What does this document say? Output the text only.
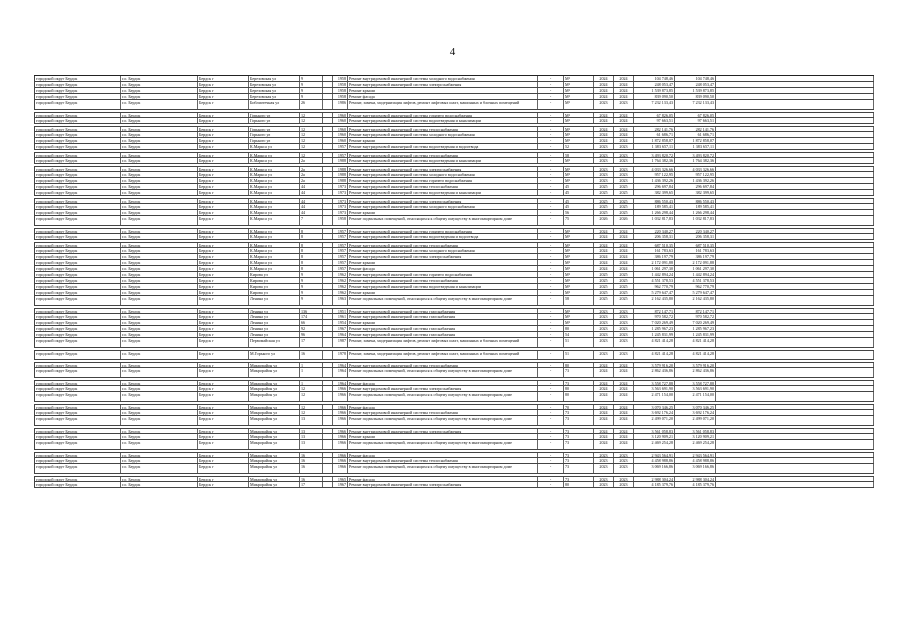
4
городской округ Бердск	г.о. Бердск	Бердск г	Березовская ул	9	1958 Ремонт внутридомовой инженерной системы холодного водоснабжения	-	М²	2024	2024	104 748,46	104 748,46
городской округ Бердск	г.о. Бердск	Бердск г	Березовская ул	9	1958 Ремонт внутридомовой инженерной системы электроснабжения	-	М²	2024	2024	248 053,47	248 053,47
городской округ Бердск	г.о. Бердск	Бердск г	Березовская ул	9	1958 Ремонт крыши	-	М²	2024	2024	1 539 873,85	1 539 873,85
городской округ Бердск	г.о. Бердск	Бердск г	Березовская ул	9	1958 Ремонт фасада	-	М²	2024	2024	839 090,50	839 090,50
городской округ Бердск	г.о. Бердск	Бердск г	Библиотечная ул	26	1986 Ремонт, замена, модернизация лифтов, ремонт лифтовых шахт, машинных и блочных помещений	-	М³	2023	2023	7 232 133,43	7 232 133,43
городской округ Бердск	г.о. Бердск	Бердск г	Горького ул	12	1960 Ремонт внутридомовой инженерной системы горячего водоснабжения	-	М²	2024	2024	67 826,05	67 826,05
городской округ Бердск	г.о. Бердск	Бердск г	Горького ул	12	1960 Ремонт внутридомовой инженерной системы водоотведения и канализации	-	М²	2024	2024	97 663,51	97 663,51
городской округ Бердск	г.о. Бердск	Бердск г	Горького ул	12	1960 Ремонт внутридомовой инженерной системы теплоснабжения	-	М²	2024	2024	282 141,76	282 141,76
городской округ Бердск	г.о. Бердск	Бердск г	Горького ул	12	1960 Ремонт внутридомовой инженерной системы холодного водоснабжения	-	М²	2024	2024	61 686,71	61 686,71
городской округ Бердск	г.о. Бердск	Бердск г	Горького ул	12	1960 Ремонт крыши	-	М²	2024	2024	1 872 858,07	1 872 858,07
городской округ Бердск	г.о. Бердск	Бердск г	К.Маркса ул	12	1957 Ремонт внутридомовой инженерной системы водоотведения и водоотвода	-	52	2023	2023	1 383 657,11	1 383 657,11
городской округ Бердск	г.о. Бердск	Бердск г	К.Маркса ул	12	1957 Ремонт внутридомовой инженерной системы теплоснабжения	-	58	2023	2023	3 493 820,72	3 493 820,72
городской округ Бердск	г.о. Бердск	Бердск г	К.Маркса ул	2а	1988 Ремонт внутридомовой инженерной системы водоотведения и канализации	-	М²	2023	2023	1 764 382,36	1 764 382,36
городской округ Бердск	г.о. Бердск	Бердск г	К.Маркса ул	2а	1988 Ремонт внутридомовой инженерной системы электроснабжения	-	М²	2023	2023	4 033 326,66	4 033 326,66
городской округ Бердск	г.о. Бердск	Бердск г	К.Маркса ул	2а	1988 Ремонт внутридомовой инженерной системы холодного водоснабжения	-	М²	2023	2023	957 122,95	957 122,95
городской округ Бердск	г.о. Бердск	Бердск г	К.Маркса ул	2а	1988 Ремонт внутридомовой инженерной системы горячего водоснабжения	-	М²	2023	2023	1 436 392,26	1 436 392,26
городской округ Бердск	г.о. Бердск	Бердск г	К.Маркса ул	44	1973 Ремонт внутридомовой инженерной системы теплоснабжения	-	45	2025	2025	296 697,84	296 697,84
городской округ Бердск	г.о. Бердск	Бердск г	К.Маркса ул	44	1973 Ремонт внутридомовой инженерной системы водоотведения и канализации	-	45	2025	2025	382 399,65	382 399,65
городской округ Бердск	г.о. Бердск	Бердск г	К.Маркса ул	44	1973 Ремонт внутридомовой инженерной системы электроснабжения	-	45	2025	2025	886 550,43	886 550,43
городской округ Бердск	г.о. Бердск	Бердск г	К.Маркса ул	44	1973 Ремонт внутридомовой инженерной системы холодного водоснабжения	-	45	2025	2025	189 585,41	189 585,41
городской округ Бердск	г.о. Бердск	Бердск г	К.Маркса ул	44	1973 Ремонт крыши	-	56	2025	2025	1 266 298,44	1 266 298,44
городской округ Бердск	г.о. Бердск	Бердск г	К.Маркса ул	7	1958 Ремонт подвальных помещений, относящихся к общему имуществу в многоквартирном доме	-	75	2026	2026	1 032 817,83	1 032 817,83
городской округ Бердск	г.о. Бердск	Бердск г	К.Маркса ул	8	1957 Ремонт внутридомовой инженерной системы горячего водоснабжения	-	М²	2024	2024	220 340,27	220 340,27
городской округ Бердск	г.о. Бердск	Бердск г	К.Маркса ул	8	1957 Ремонт внутридомовой инженерной системы водоотведения и водоотвода	-	М²	2024	2024	206 358,31	206 358,31
городской округ Бердск	г.о. Бердск	Бердск г	К.Маркса ул	8	1957 Ремонт внутридомовой инженерной системы теплоснабжения	-	М²	2024	2024	687 510,35	687 510,35
городской округ Бердск	г.о. Бердск	Бердск г	К.Маркса ул	8	1957 Ремонт внутридомовой инженерной системы холодного водоснабжения	-	М²	2024	2024	161 783,63	161 783,63
городской округ Бердск	г.о. Бердск	Бердск г	К.Маркса ул	8	1957 Ремонт внутридомовой инженерной системы электроснабжения	-	М²	2024	2024	386 197,79	386 197,79
городской округ Бердск	г.о. Бердск	Бердск г	К.Маркса ул	8	1957 Ремонт крыши	-	М²	2024	2024	2 172 091,88	2 172 091,88
городской округ Бердск	г.о. Бердск	Бердск г	К.Маркса ул	8	1957 Ремонт фасада	-	М²	2024	2024	1 061 297,30	1 061 297,30
городской округ Бердск	г.о. Бердск	Бердск г	Кирова ул	9	1962 Ремонт внутридомовой инженерной системы горячего водоснабжения	-	М²	2025	2025	1 442 894,24	1 442 894,24
городской округ Бердск	г.о. Бердск	Бердск г	Кирова ул	9	1962 Ремонт внутридомовой инженерной системы теплоснабжения	-	М²	2025	2025	4 551 378,53	4 551 378,53
городской округ Бердск	г.о. Бердск	Бердск г	Кирова ул	9	1962 Ремонт внутридомовой инженерной системы водоотведения и канализации	-	М²	2025	2025	962 770,79	962 770,79
городской округ Бердск	г.о. Бердск	Бердск г	Кирова ул	9	1962 Ремонт крыши	-	М²	2025	2025	5 279 647,47	5 279 647,47
городской округ Бердск	г.о. Бердск	Бердск г	Ленина ул	9	1963 Ремонт подвальных помещений, относящихся к общему имуществу в многоквартирном доме	-	58	2025	2025	2 162 435,80	2 162 435,80
городской округ Бердск	г.о. Бердск	Бердск г	Ленина ул	136	1951 Ремонт внутридомовой инженерной системы газоснабжения	-	М²	2023	2023	872 147,71	872 147,71
городской округ Бердск	г.о. Бердск	Бердск г	Ленина ул	174	1961 Ремонт внутридомовой инженерной системы газоснабжения	-	М²	2023	2023	970 582,72	970 582,72
городской округ Бердск	г.о. Бердск	Бердск г	Ленина ул	66	1954 Ремонт крыши	-	М²	2023	2023	7 020 269,49	7 020 269,49
городской округ Бердск	г.о. Бердск	Бердск г	Ленина ул	92	1967 Ремонт внутридомовой инженерной системы газоснабжения	-	80	2023	2023	1 285 967,23	1 285 967,23
городской округ Бердск	г.о. Бердск	Бердск г	Ленина ул	96	1964 Ремонт внутридомовой инженерной системы газоснабжения	-	54	2023	2023	1 245 831,99	1 245 831,99
городской округ Бердск	г.о. Бердск	Бердск г	Первомайская ул	17	1987 Ремонт, замена, модернизация лифтов, ремонт лифтовых шахт, машинных и блочных помещений	-	51	2023	2023	4 821 414,28	4 821 414,28
городской округ Бердск	г.о. Бердск	Бердск г	М.Горького ул	16	1978 Ремонт, замена, модернизация лифтов, ремонт лифтовых шахт, машинных и блочных помещений	-	51	2023	2023	4 821 414,28	4 821 414,28
городской округ Бердск	г.о. Бердск	Бердск г	Микрорайон ул	1	1964 Ремонт внутридомовой инженерной системы теплоснабжения	-	80	2024	2024	3 579 916,20	3 579 916,20
городской округ Бердск	г.о. Бердск	Бердск г	Микрорайон ул	1	1964 Ремонт подвальных помещений, относящихся к общему имуществу в многоквартирном доме	-	73	2024	2024	2 862 436,86	2 862 436,86
городской округ Бердск	г.о. Бердск	Бердск г	Микрорайон ул	1	1964 Ремонт фасада	-	73	2024	2024	3 558 727,88	3 558 727,88
городской округ Бердск	г.о. Бердск	Бердск г	Микрорайон ул	12	1966 Ремонт внутридомовой инженерной системы электроснабжения	-	80	2024	2024	3 563 691,90	3 563 691,90
городской округ Бердск	г.о. Бердск	Бердск г	Микрорайон ул	12	1966 Ремонт подвальных помещений, относящихся к общему имуществу в многоквартирном доме	-	80	2024	2024	2 471 154,00	2 471 154,00
городской округ Бердск	г.о. Бердск	Бердск г	Микрорайон ул	12	1966 Ремонт фасада	-	70	2024	2024	3 070 346,25	3 070 346,25
городской округ Бердск	г.о. Бердск	Бердск г	Микрорайон ул	12	1966 Ремонт внутридомовой инженерной системы теплоснабжения	-	73	2024	2024	3 692 176,24	3 692 176,24
городской округ Бердск	г.о. Бердск	Бердск г	Микрорайон ул	13	1966 Ремонт подвальных помещений, относящихся к общему имуществу в многоквартирном доме	-	73	2024	2024	2 499 071,20	2 499 071,20
городской округ Бердск	г.о. Бердск	Бердск г	Микрорайон ул	13	1966 Ремонт внутридомовой инженерной системы электроснабжения	-	73	2024	2024	3 561 058,83	3 561 058,83
городской округ Бердск	г.о. Бердск	Бердск г	Микрорайон ул	13	1966 Ремонт крыши	-	73	2024	2024	3 120 909,21	3 120 909,21
городской округ Бердск	г.о. Бердск	Бердск г	Микрорайон ул	13	1966 Ремонт подвальных помещений, относящихся к общему имуществу в многоквартирном доме	-	73	2024	2024	2 469 254,28	2 469 254,28
городской округ Бердск	г.о. Бердск	Бердск г	Микрорайон ул	16	1966 Ремонт фасада	-	73	2023	2023	2 943 564,91	2 943 564,91
городской округ Бердск	г.о. Бердск	Бердск г	Микрорайон ул	16	1966 Ремонт внутридомовой инженерной системы теплоснабжения	-	73	2023	2023	4 458 988,86	4 458 988,86
городской округ Бердск	г.о. Бердск	Бердск г	Микрорайон ул	16	1966 Ремонт подвальных помещений, относящихся к общему имуществу в многоквартирном доме	-	73	2023	2023	3 069 166,86	3 069 166,86
городской округ Бердск	г.о. Бердск	Бердск г	Микрорайон ул	16	1965 Ремонт фасада	-	73	2023	2023	2 988 304,24	2 988 304,24
городской округ Бердск	г.о. Бердск	Бердск г	Микрорайон ул	17	1967 Ремонт внутридомовой инженерной системы электроснабжения	-	80	2023	2023	4 185 379,76	4 185 379,76
